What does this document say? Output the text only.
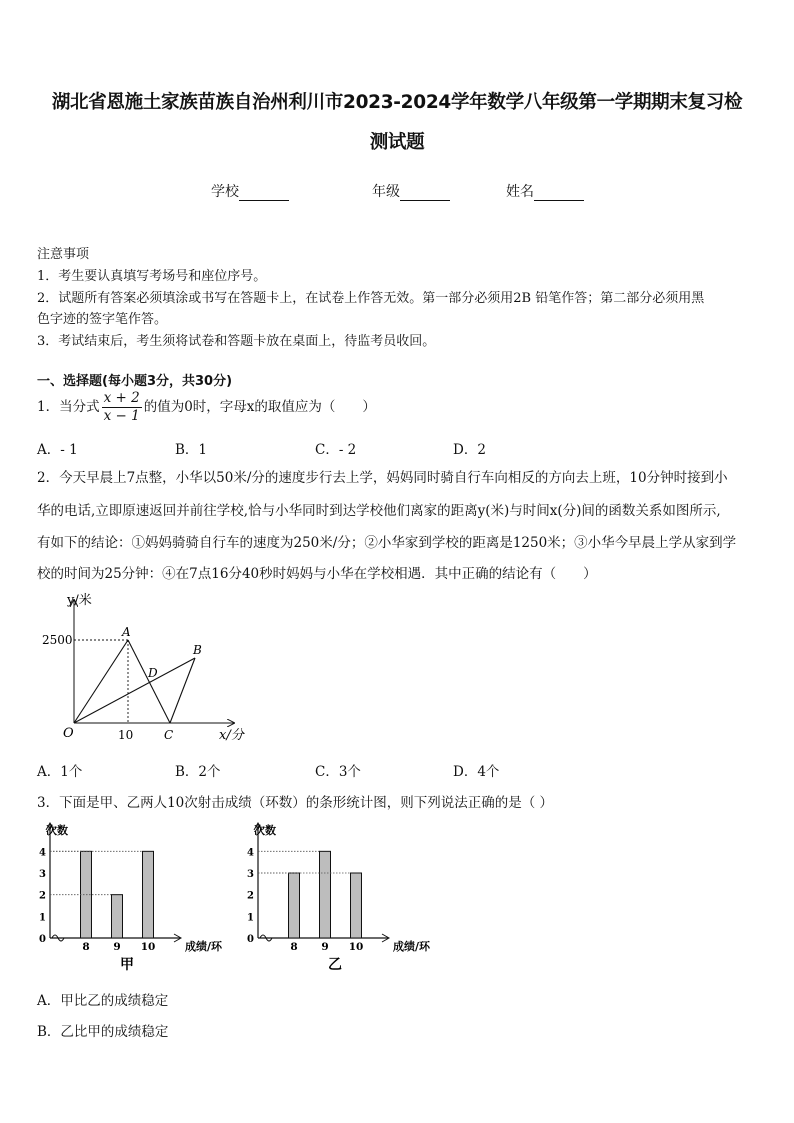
湖北省恩施土家族苗族自治州利川市2023-2024学年数学八年级第一学期期末复习检
测试题
学校	年级	姓名
注意事项
1．考生要认真填写考场号和座位序号。
2．试题所有答案必须填涂或书写在答题卡上，在试卷上作答无效。第一部分必须用2B 铅笔作答；第二部分必须用黑
色字迹的签字笔作答。
3．考试结束后，考生须将试卷和答题卡放在桌面上，待监考员收回。
一、选择题(每小题3分，共30分)
1．当分式 $\frac{x + 2}{x - 1}$ 的值为0时，字母x的取值应为（　　）
A．- 1	B．1	C．- 2	D．2
2．今天早晨上7点整，小华以50米/分的速度步行去上学，妈妈同时骑自行车向相反的方向去上班，10分钟时接到小
华的电话,立即原速返回并前往学校,恰与小华同时到达学校他们离家的距离y(米)与时间x(分)间的函数关系如图所示,
有如下的结论：①妈妈骑骑自行车的速度为250米/分；②小华家到学校的距离是1250米；③小华今早晨上学从家到学
校的时间为25分钟：④在7点16分40秒时妈妈与小华在学校相遇．其中正确的结论有（　　）
y/米
x/分
2500
10
O
A
B
C
D
A．1个	B．2个	C．3个	D．4个
3．下面是甲、乙两人10次射击成绩（环数）的条形统计图，则下列说法正确的是（ ）
0
1
2
3
4
次数
8 9 10	成绩/环
甲
0
1
2
3
4
次数
8 9 10	成绩/环
乙
A．甲比乙的成绩稳定
B．乙比甲的成绩稳定
